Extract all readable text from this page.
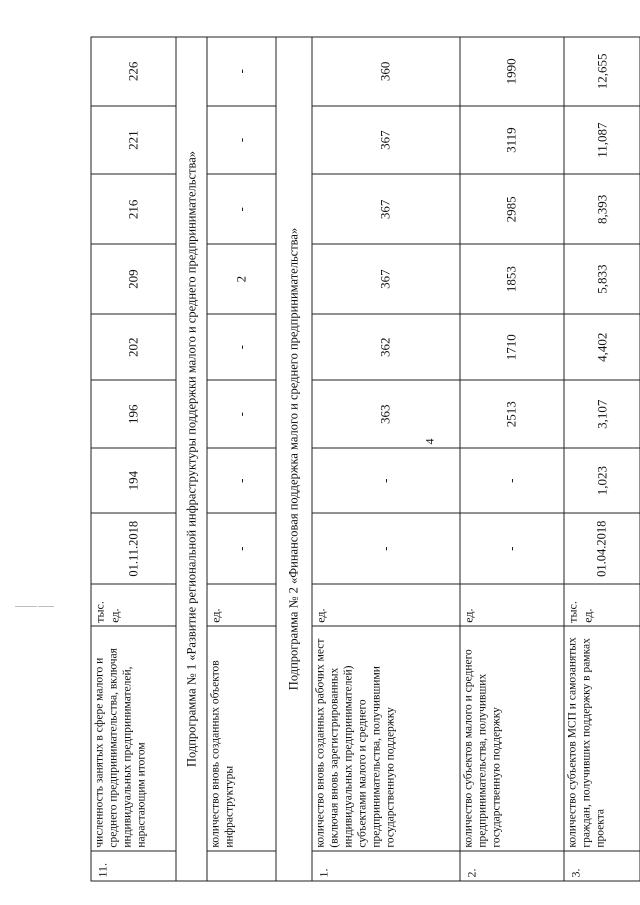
4
11.	численность занятых в сфере малого и среднего предпринимательства, включая индивидуальных предпринимателей, нарастающим итогом	тыс. ед.	01.11.2018	194	196	202	209	216	221	226
Подпрограмма № 1 «Развитие региональной инфраструктуры поддержки малого и среднего предпринимательства»										
	количество вновь созданных объектов инфраструктуры	ед.	-	-	-	-	2	-	-	-
Подпрограмма № 2 «Финансовая поддержка малого и среднего предпринимательства»										
1.	количество вновь созданных рабочих мест (включая вновь зарегистрированных индивидуальных предпринимателей) субъектами малого и среднего предпринимательства, получившими государственную поддержку	ед.	-	-	363	362	367	367	367	360
2.	количество субъектов малого и среднего предпринимательства, получивших государственную поддержку	ед.	-	-	2513	1710	1853	2985	3119	1990
3.	количество субъектов МСП и самозанятых граждан, получивших поддержку в рамках проекта	тыс. ед.	01.04.2018	1,023	3,107	4,402	5,833	8,393	11,087	12,655
